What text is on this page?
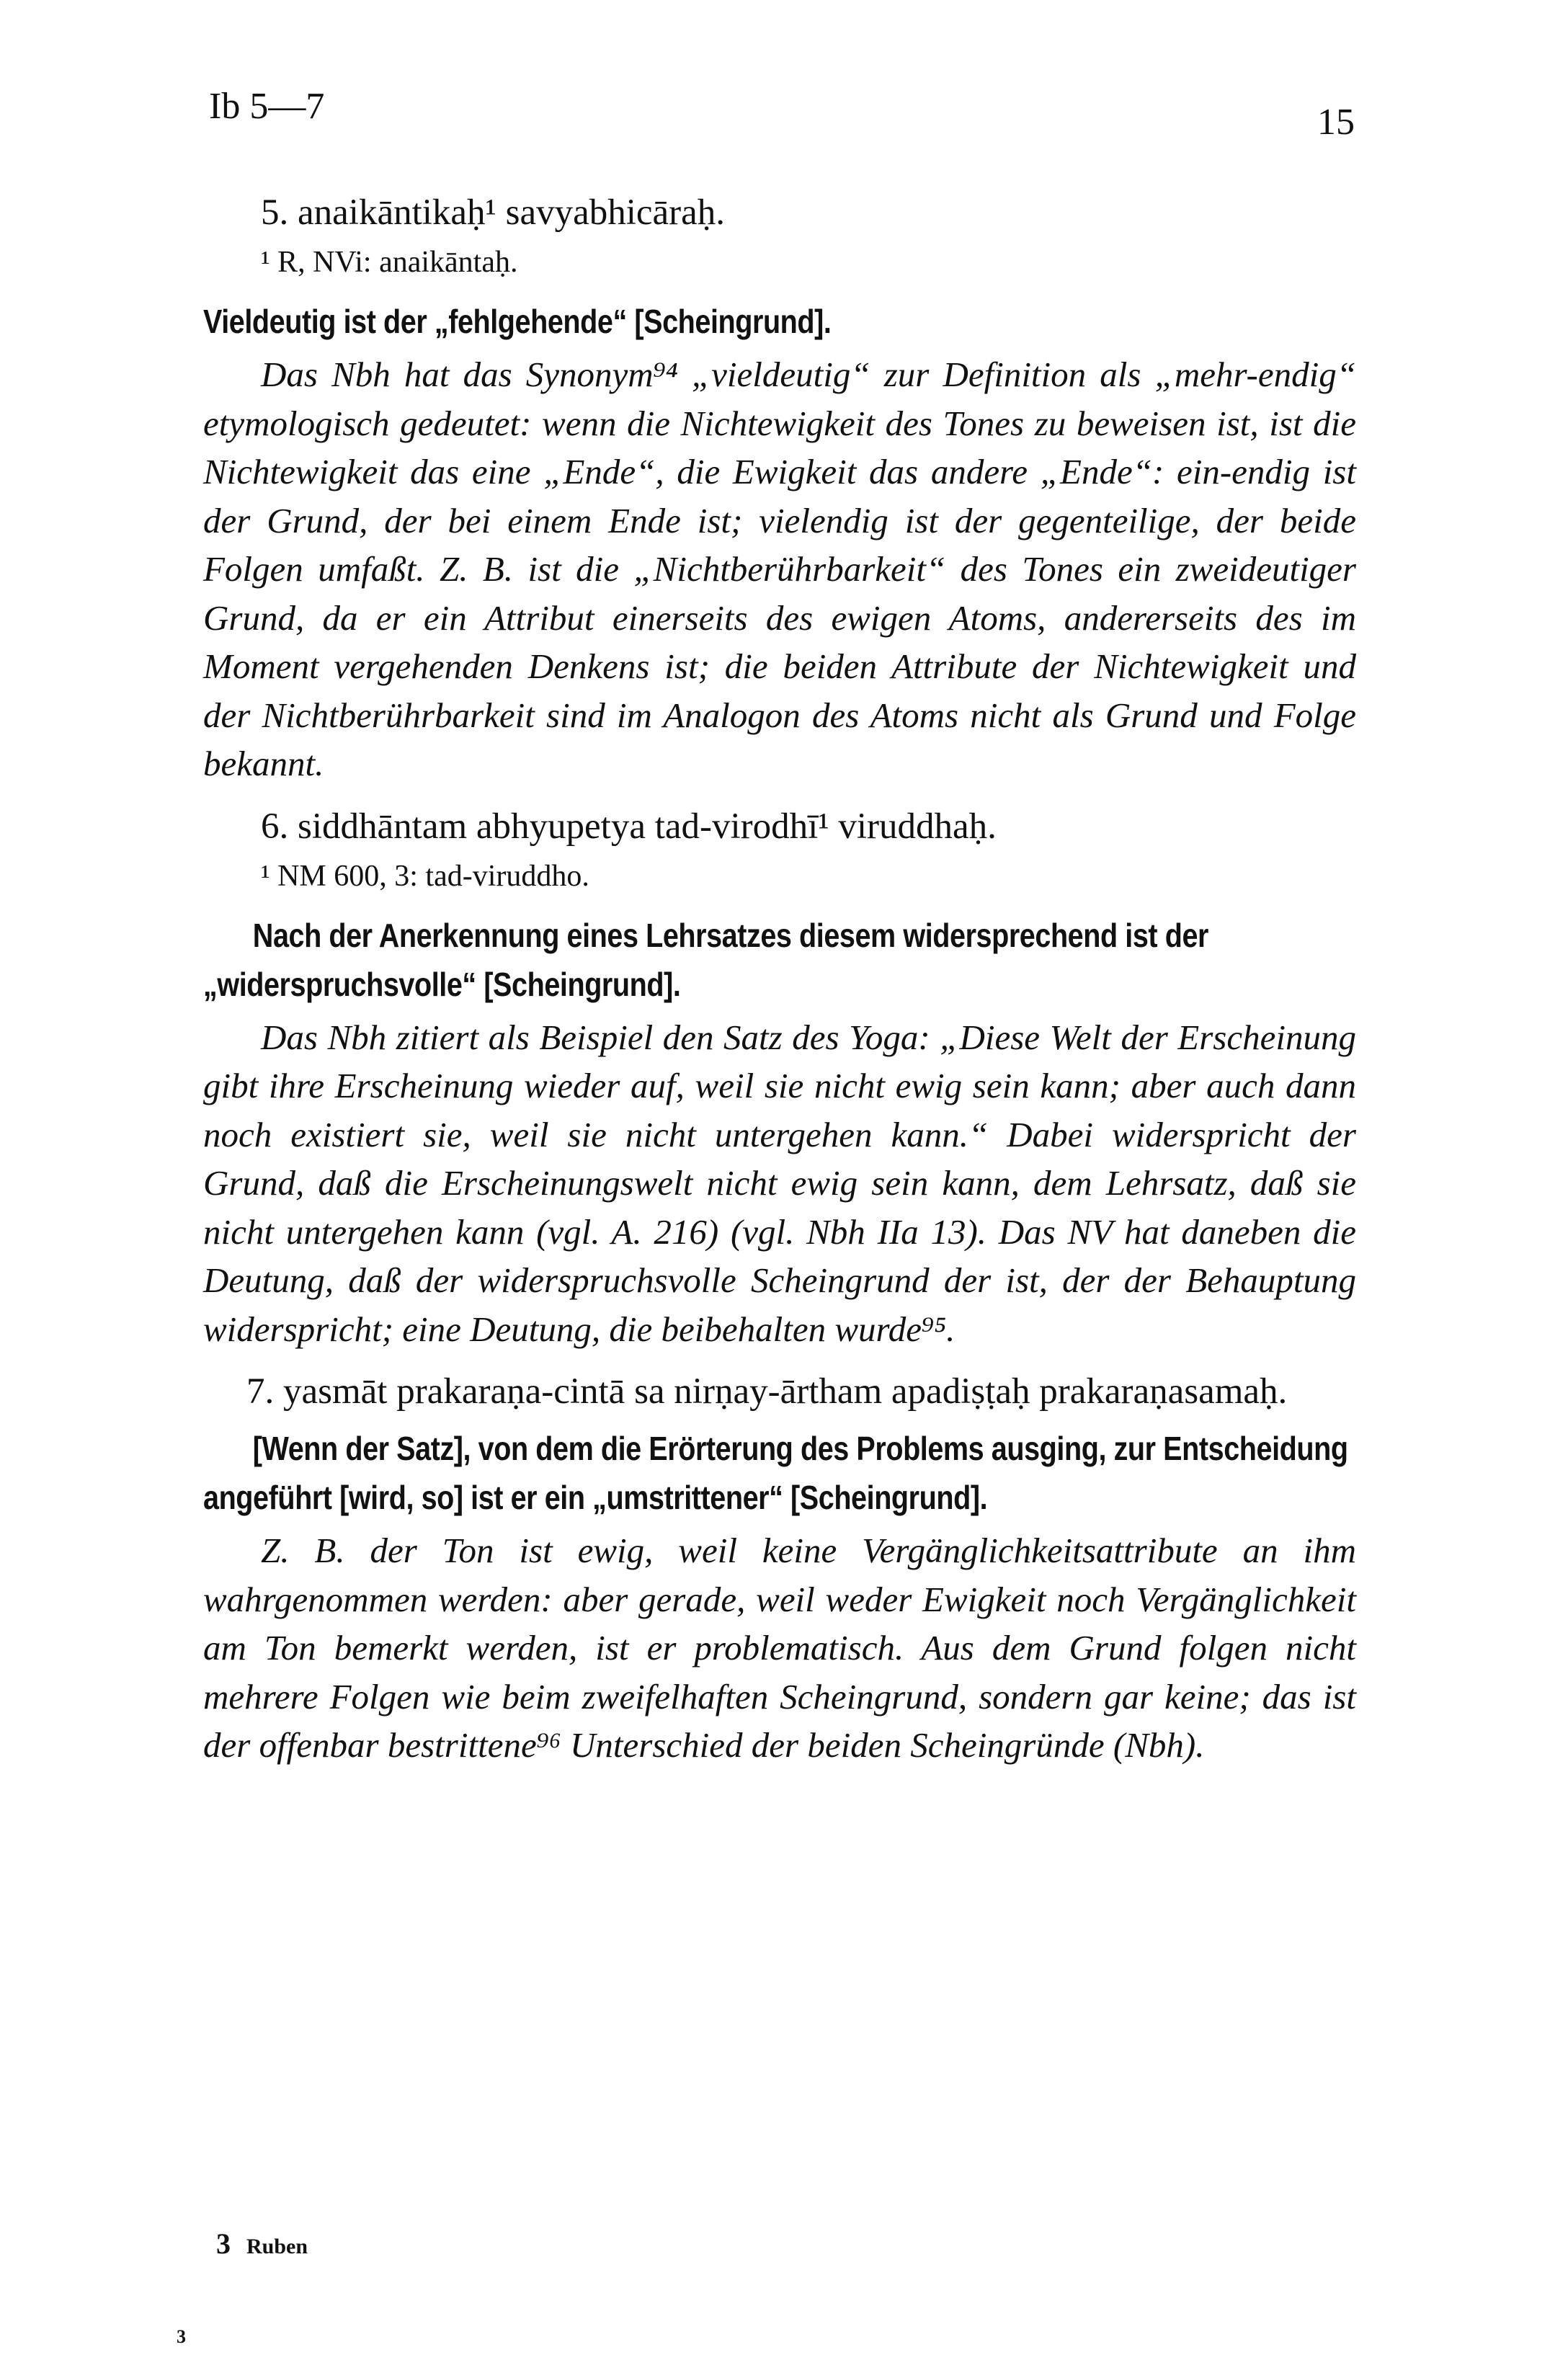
Ib 5—7	15

5. anaikāntikaḥ¹ savyabhicāraḥ.

¹ R, NVi: anaikāntaḥ.

Vieldeutig ist der „fehlgehende“ [Scheingrund].

Das Nbh hat das Synonym⁹⁴ „vieldeutig“ zur Definition als „mehr-endig“ etymologisch gedeutet: wenn die Nichtewigkeit des Tones zu beweisen ist, ist die Nichtewigkeit das eine „Ende“, die Ewigkeit das andere „Ende“: ein-endig ist der Grund, der bei einem Ende ist; vielendig ist der gegenteilige, der beide Folgen umfaßt. Z. B. ist die „Nichtberührbarkeit“ des Tones ein zweideutiger Grund, da er ein Attribut einerseits des ewigen Atoms, andererseits des im Moment vergehenden Denkens ist; die beiden Attribute der Nichtewigkeit und der Nichtberührbarkeit sind im Analogon des Atoms nicht als Grund und Folge bekannt.

6. siddhāntam abhyupetya tad-virodhī¹ viruddhaḥ.

¹ NM 600, 3: tad-viruddho.

Nach der Anerkennung eines Lehrsatzes diesem widersprechend ist der „widerspruchsvolle“ [Scheingrund].

Das Nbh zitiert als Beispiel den Satz des Yoga: „Diese Welt der Erscheinung gibt ihre Erscheinung wieder auf, weil sie nicht ewig sein kann; aber auch dann noch existiert sie, weil sie nicht untergehen kann.“ Dabei widerspricht der Grund, daß die Erscheinungswelt nicht ewig sein kann, dem Lehrsatz, daß sie nicht untergehen kann (vgl. A. 216) (vgl. Nbh IIa 13). Das NV hat daneben die Deutung, daß der widerspruchsvolle Scheingrund der ist, der der Behauptung widerspricht; eine Deutung, die beibehalten wurde⁹⁵.

7. yasmāt prakaraṇa-cintā sa nirṇay-ārtham apadiṣṭaḥ prakaraṇasamaḥ.

[Wenn der Satz], von dem die Erörterung des Problems ausging, zur Entscheidung angeführt [wird, so] ist er ein „umstrittener“ [Scheingrund].

Z. B. der Ton ist ewig, weil keine Vergänglichkeitsattribute an ihm wahrgenommen werden: aber gerade, weil weder Ewigkeit noch Vergänglichkeit am Ton bemerkt werden, ist er problematisch. Aus dem Grund folgen nicht mehrere Folgen wie beim zweifelhaften Scheingrund, sondern gar keine; das ist der offenbar bestrittene⁹⁶ Unterschied der beiden Scheingründe (Nbh).

3 Ruben
3
